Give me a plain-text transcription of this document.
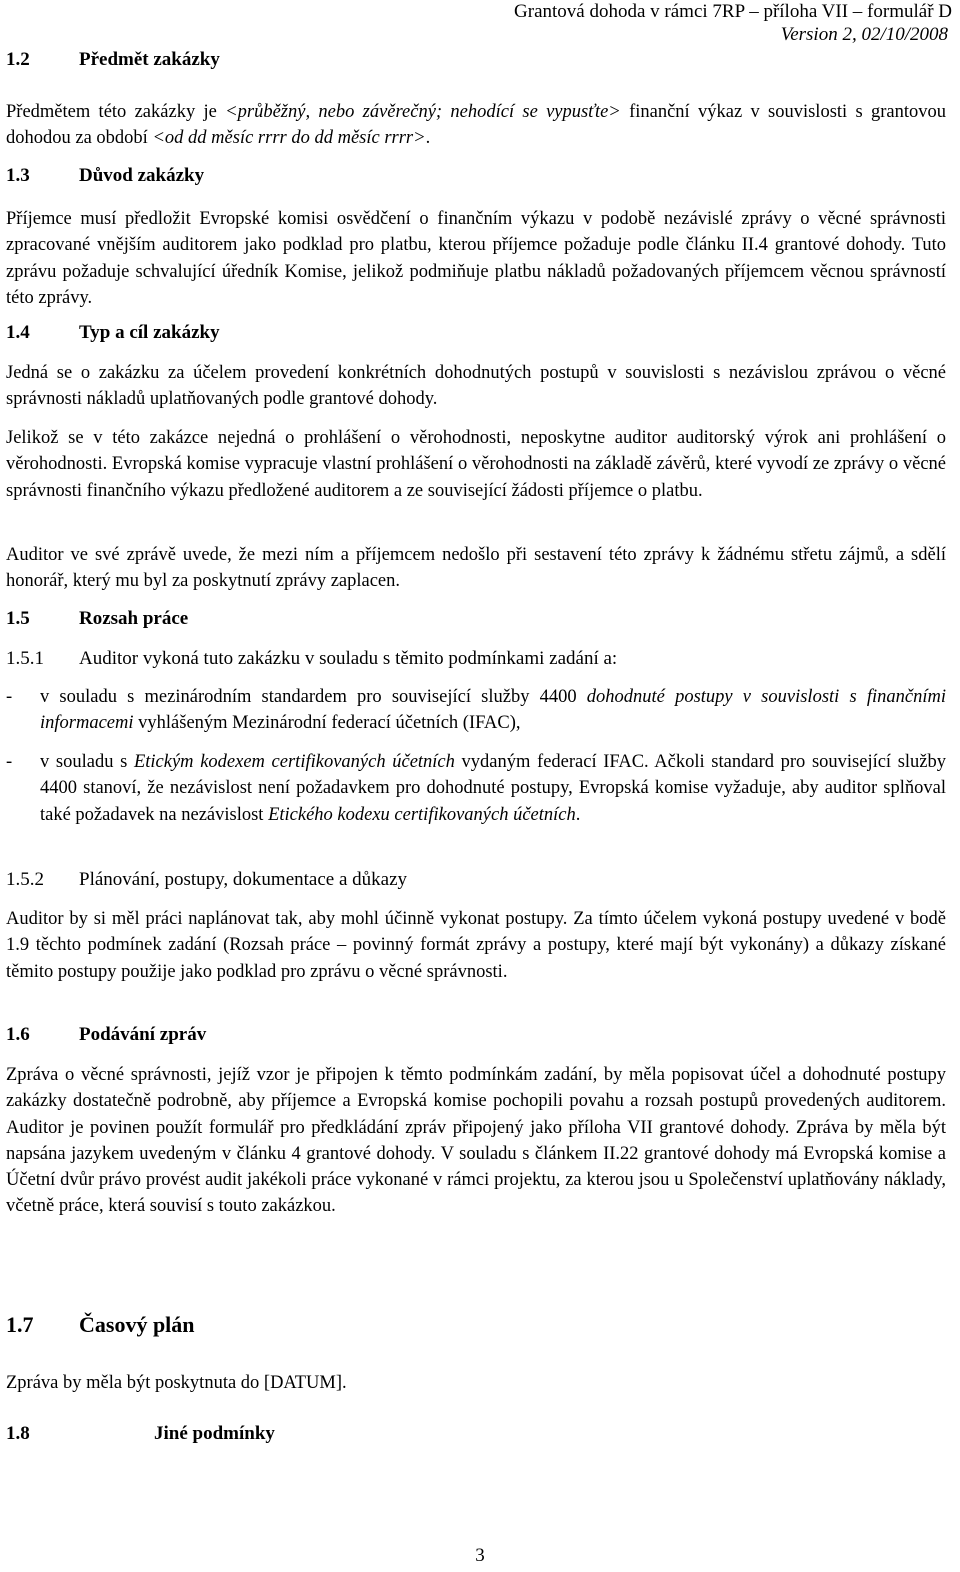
Grantová dohoda v rámci 7RP – příloha VII – formulář D
Version 2, 02/10/2008
1.2	Předmět zakázky
Předmětem této zakázky je <průběžný, nebo závěrečný; nehodící se vypusťte> finanční výkaz v souvislosti s grantovou dohodou za období <od dd měsíc rrrr do dd měsíc rrrr>.
1.3	Důvod zakázky
Příjemce musí předložit Evropské komisi osvědčení o finančním výkazu v podobě nezávislé zprávy o věcné správnosti zpracované vnějším auditorem jako podklad pro platbu, kterou příjemce požaduje podle článku II.4 grantové dohody. Tuto zprávu požaduje schvalující úředník Komise, jelikož podmiňuje platbu nákladů požadovaných příjemcem věcnou správností této zprávy.
1.4	Typ a cíl zakázky
Jedná se o zakázku za účelem provedení konkrétních dohodnutých postupů v souvislosti s nezávislou zprávou o věcné správnosti nákladů uplatňovaných podle grantové dohody.
Jelikož se v této zakázce nejedná o prohlášení o věrohodnosti, neposkytne auditor auditorský výrok ani prohlášení o věrohodnosti. Evropská komise vypracuje vlastní prohlášení o věrohodnosti na základě závěrů, které vyvodí ze zprávy o věcné správnosti finančního výkazu předložené auditorem a ze související žádosti příjemce o platbu.
Auditor ve své zprávě uvede, že mezi ním a příjemcem nedošlo při sestavení této zprávy k žádnému střetu zájmů, a sdělí honorář, který mu byl za poskytnutí zprávy zaplacen.
1.5	Rozsah práce
1.5.1 Auditor vykoná tuto zakázku v souladu s těmito podmínkami zadání a:
-	v souladu s mezinárodním standardem pro související služby 4400 dohodnuté postupy v souvislosti s finančními informacemi vyhlášeným Mezinárodní federací účetních (IFAC),
-	v souladu s Etickým kodexem certifikovaných účetních vydaným federací IFAC. Ačkoli standard pro související služby 4400 stanoví, že nezávislost není požadavkem pro dohodnuté postupy, Evropská komise vyžaduje, aby auditor splňoval také požadavek na nezávislost Etického kodexu certifikovaných účetních.
1.5.2 Plánování, postupy, dokumentace a důkazy
Auditor by si měl práci naplánovat tak, aby mohl účinně vykonat postupy. Za tímto účelem vykoná postupy uvedené v bodě 1.9 těchto podmínek zadání (Rozsah práce – povinný formát zprávy a postupy, které mají být vykonány) a důkazy získané těmito postupy použije jako podklad pro zprávu o věcné správnosti.
1.6	Podávání zpráv
Zpráva o věcné správnosti, jejíž vzor je připojen k těmto podmínkám zadání, by měla popisovat účel a dohodnuté postupy zakázky dostatečně podrobně, aby příjemce a Evropská komise pochopili povahu a rozsah postupů provedených auditorem. Auditor je povinen použít formulář pro předkládání zpráv připojený jako příloha VII grantové dohody. Zpráva by měla být napsána jazykem uvedeným v článku 4 grantové dohody. V souladu s článkem II.22 grantové dohody má Evropská komise a Účetní dvůr právo provést audit jakékoli práce vykonané v rámci projektu, za kterou jsou u Společenství uplatňovány náklady, včetně práce, která souvisí s touto zakázkou.
1.7 Časový plán
Zpráva by měla být poskytnuta do [DATUM].
1.8	Jiné podmínky
3
